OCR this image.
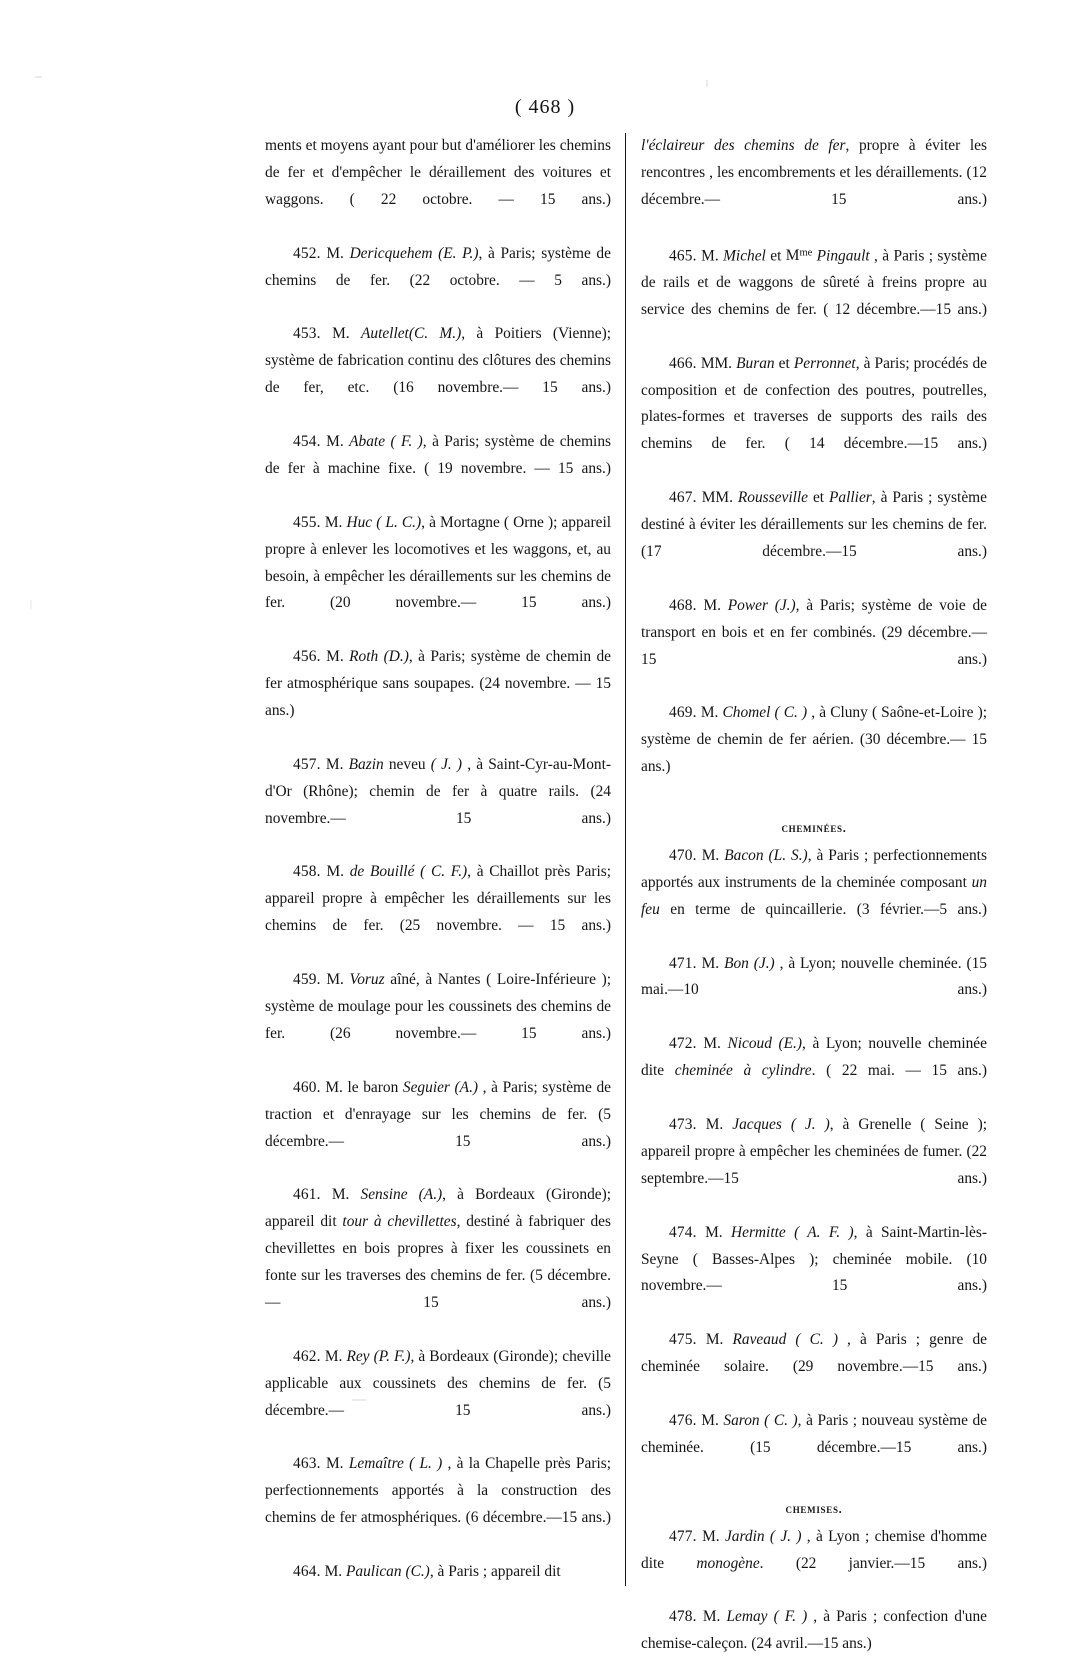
( 468 )

ments et moyens ayant pour but d'améliorer les chemins de fer et d'empêcher le déraillement des voitures et waggons. ( 22 octobre. — 15 ans.)

452. M. Dericquehem (E. P.), à Paris; système de chemins de fer. (22 octobre. — 5 ans.)

453. M. Autellet(C. M.), à Poitiers (Vienne); système de fabrication continu des clôtures des chemins de fer, etc. (16 novembre.— 15 ans.)

454. M. Abate ( F. ), à Paris; système de chemins de fer à machine fixe. ( 19 novembre. — 15 ans.)

455. M. Huc ( L. C.), à Mortagne ( Orne ); appareil propre à enlever les locomotives et les waggons, et, au besoin, à empêcher les déraillements sur les chemins de fer.	(20 novembre.— 15 ans.)

456. M. Roth (D.), à Paris; système de chemin de fer atmosphérique sans soupapes. (24 novembre. — 15 ans.)

457. M. Bazin neveu ( J. ) , à Saint-Cyr-au-Mont-d'Or (Rhône); chemin de fer à quatre rails. (24 novembre.— 15 ans.)

458. M. de Bouillé ( C. F.), à Chaillot près Paris; appareil propre à empêcher les déraillements sur les chemins de fer. (25 novembre. — 15 ans.)

459. M. Voruz aîné, à Nantes ( Loire-Inférieure ); système de moulage pour les coussinets des chemins de fer.	(26 novembre.— 15 ans.)

460. M. le baron Seguier (A.) , à Paris; système de traction et d'enrayage sur les chemins de fer. (5 décembre.— 15 ans.)

461. M. Sensine (A.), à Bordeaux (Gironde); appareil dit tour à chevillettes, destiné à fabriquer des chevillettes en bois propres à fixer les coussinets en fonte sur les traverses des chemins de fer. (5 décembre.— 15 ans.)

462. M. Rey (P. F.), à Bordeaux (Gironde); cheville applicable aux coussinets des chemins de fer. (5 décembre.— 15 ans.)

463. M. Lemaître ( L. ) , à la Chapelle près Paris; perfectionnements apportés à la construction des chemins de fer atmosphériques. (6 décembre.—15 ans.)

464. M. Paulican (C.), à Paris ; appareil dit

l'éclaireur des chemins de fer, propre à éviter les rencontres , les encombrements et les déraillements. (12 décembre.— 15 ans.)

465. M. Michel et $M^{me}$ Pingault , à Paris ; système de rails et de waggons de sûreté à freins propre au service des chemins de fer. ( 12 décembre.—15 ans.)

466. MM. Buran et Perronnet, à Paris; procédés de composition et de confection des poutres, poutrelles, plates-formes et traverses de supports des rails des chemins de fer. ( 14 décembre.—15 ans.)

467. MM. Rousseville et Pallier, à Paris ; système destiné à éviter les déraillements sur les chemins de fer. (17 décembre.—15 ans.)

468. M. Power (J.), à Paris; système de voie de transport en bois et en fer combinés. (29 décembre.— 15 ans.)

469. M. Chomel ( C. ) , à Cluny ( Saône-et-Loire ); système de chemin de fer aérien. (30 décembre.— 15 ans.)

cheminées.

470. M. Bacon (L. S.), à Paris ; perfectionnements apportés aux instruments de la cheminée composant un feu en terme de quincaillerie. (3 février.—5 ans.)

471. M. Bon (J.) , à Lyon; nouvelle cheminée. (15 mai.—10 ans.)

472. M. Nicoud (E.), à Lyon; nouvelle cheminée dite cheminée à cylindre. ( 22 mai. — 15 ans.)

473. M. Jacques ( J. ), à Grenelle ( Seine ); appareil propre à empêcher les cheminées de fumer. (22 septembre.—15 ans.)

474. M. Hermitte ( A. F. ), à Saint-Martin-lès-Seyne ( Basses-Alpes ); cheminée mobile. (10 novembre.— 15 ans.)

475. M. Raveaud ( C. ) , à Paris ; genre de cheminée solaire. (29 novembre.—15 ans.)

476. M. Saron ( C. ), à Paris ; nouveau système de cheminée.	(15 décembre.—15 ans.)

chemises.

477. M. Jardin ( J. ) , à Lyon ; chemise d'homme dite monogène. (22 janvier.—15 ans.)

478. M. Lemay ( F. ) , à Paris ; confection d'une chemise-caleçon. (24 avril.—15 ans.)
